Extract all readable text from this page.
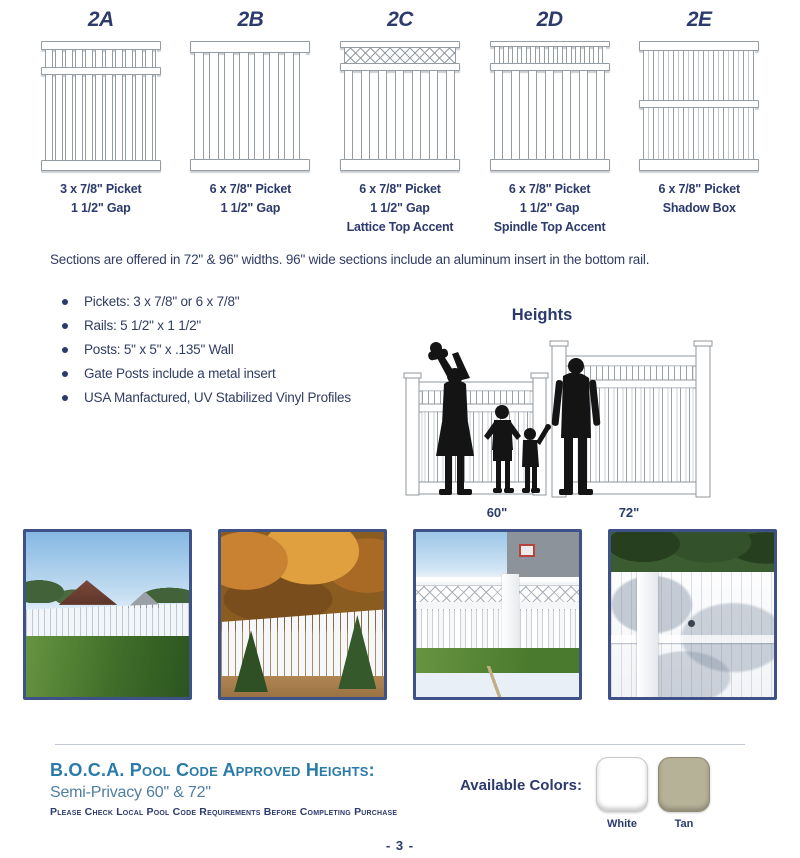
2A
3 x 7/8" Picket
1 1/2" Gap
2B
6 x 7/8" Picket
1 1/2" Gap
2C
6 x 7/8" Picket
1 1/2" Gap
Lattice Top Accent
2D
6 x 7/8" Picket
1 1/2" Gap
Spindle Top Accent
2E
6 x 7/8" Picket
Shadow Box
Sections are offered in 72" & 96" widths. 96" wide sections include an aluminum insert in the bottom rail.
Pickets: 3 x 7/8" or 6 x 7/8"
Rails: 5 1/2" x 1 1/2"
Posts: 5" x 5" x .135" Wall
Gate Posts include a metal insert
USA Manfactured, UV Stabilized Vinyl Profiles
Heights
60"	72"
B.O.C.A. Pool Code Approved Heights:
Semi-Privacy 60" & 72"
Please Check Local Pool Code Requirements Before Completing Purchase
Available Colors:
White	Tan
- 3 -
